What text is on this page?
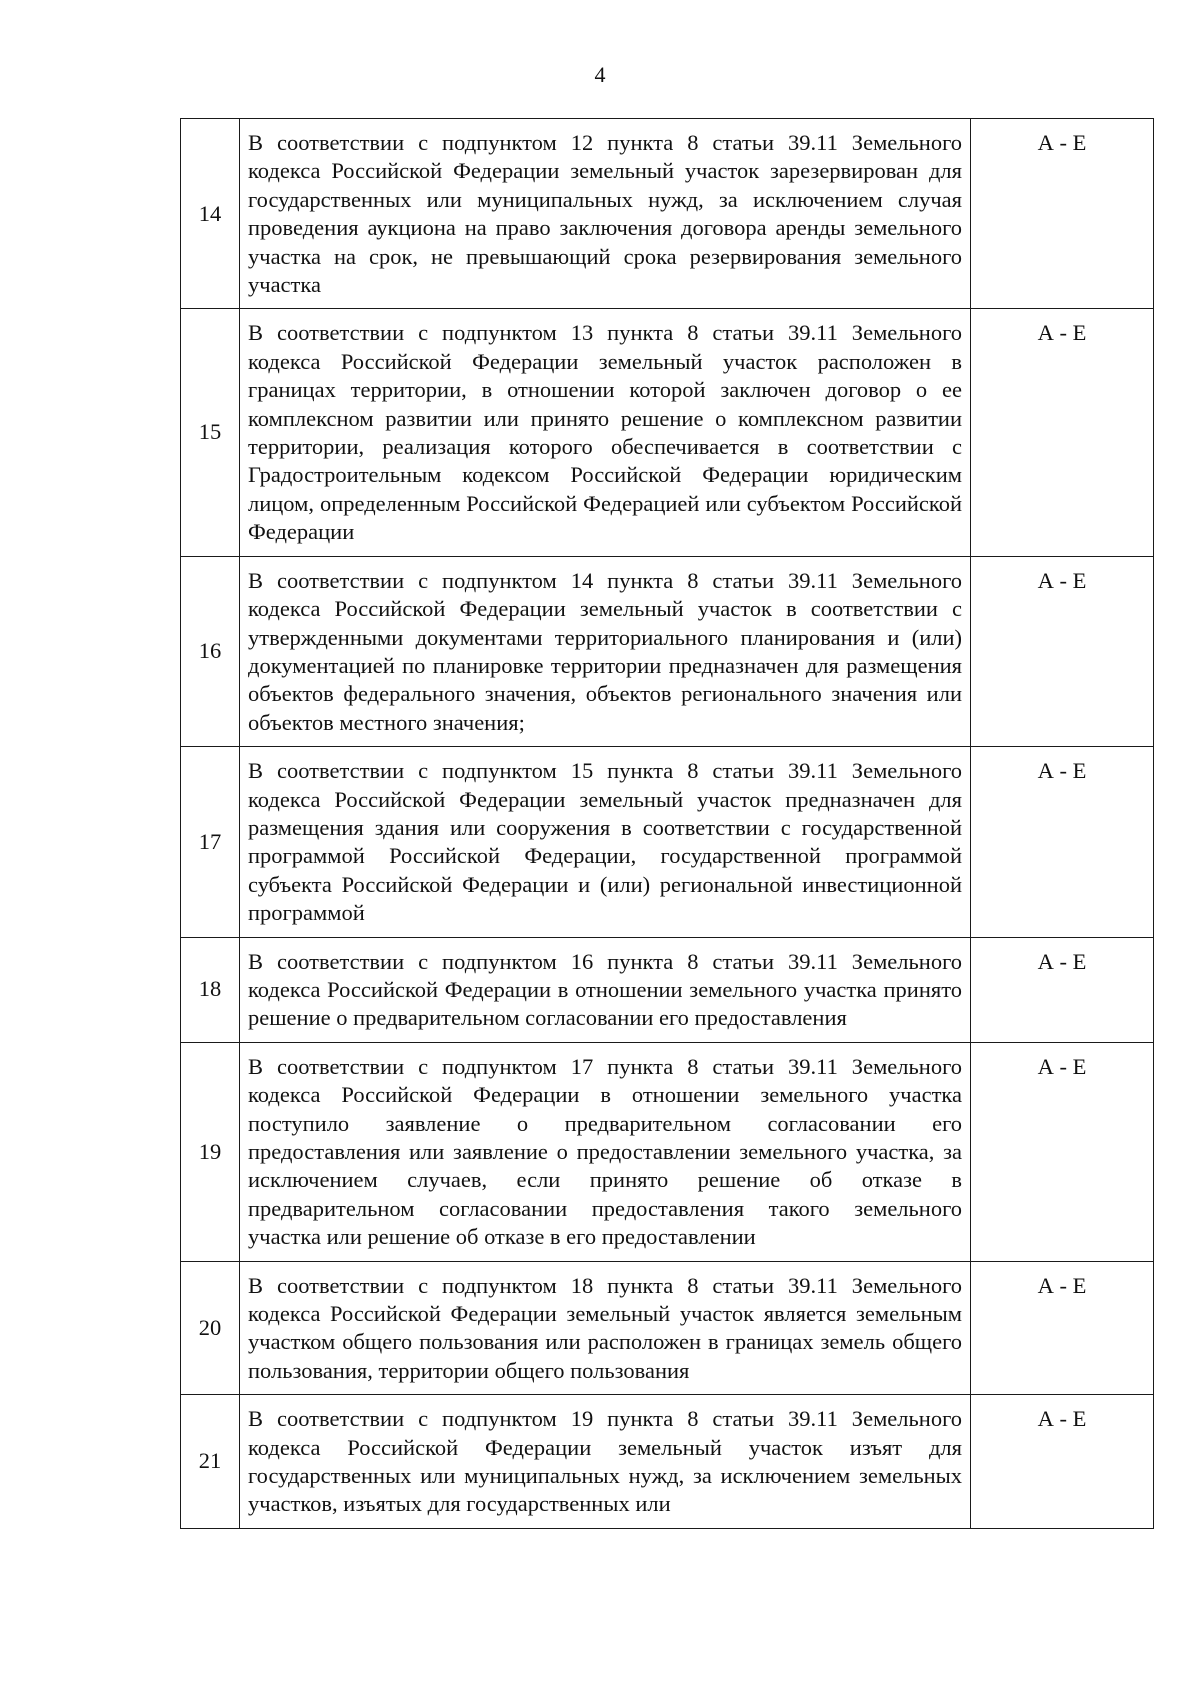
4
14	В соответствии с подпунктом 12 пункта 8 статьи 39.11 Земельного кодекса Российской Федерации земельный участок зарезервирован для государственных или муниципальных нужд, за исключением случая проведения аукциона на право заключения договора аренды земельного участка на срок, не превышающий срока резервирования земельного участка	А - Е
15	В соответствии с подпунктом 13 пункта 8 статьи 39.11 Земельного кодекса Российской Федерации земельный участок расположен в границах территории, в отношении которой заключен договор о ее комплексном развитии или принято решение о комплексном развитии территории, реализация которого обеспечивается в соответствии с Градостроительным кодексом Российской Федерации юридическим лицом, определенным Российской Федерацией или субъектом Российской Федерации	А - Е
16	В соответствии с подпунктом 14 пункта 8 статьи 39.11 Земельного кодекса Российской Федерации земельный участок в соответствии с утвержденными документами территориального планирования и (или) документацией по планировке территории предназначен для размещения объектов федерального значения, объектов регионального значения или объектов местного значения;	А - Е
17	В соответствии с подпунктом 15 пункта 8 статьи 39.11 Земельного кодекса Российской Федерации земельный участок предназначен для размещения здания или сооружения в соответствии с государственной программой Российской Федерации, государственной программой субъекта Российской Федерации и (или) региональной инвестиционной программой	А - Е
18	В соответствии с подпунктом 16 пункта 8 статьи 39.11 Земельного кодекса Российской Федерации в отношении земельного участка принято решение о предварительном согласовании его предоставления	А - Е
19	В соответствии с подпунктом 17 пункта 8 статьи 39.11 Земельного кодекса Российской Федерации в отношении земельного участка поступило заявление о предварительном согласовании его предоставления или заявление о предоставлении земельного участка, за исключением случаев, если принято решение об отказе в предварительном согласовании предоставления такого земельного участка или решение об отказе в его предоставлении	А - Е
20	В соответствии с подпунктом 18 пункта 8 статьи 39.11 Земельного кодекса Российской Федерации земельный участок является земельным участком общего пользования или расположен в границах земель общего пользования, территории общего пользования	А - Е
21	В соответствии с подпунктом 19 пункта 8 статьи 39.11 Земельного кодекса Российской Федерации земельный участок изъят для государственных или муниципальных нужд, за исключением земельных участков, изъятых для государственных или	А - Е
